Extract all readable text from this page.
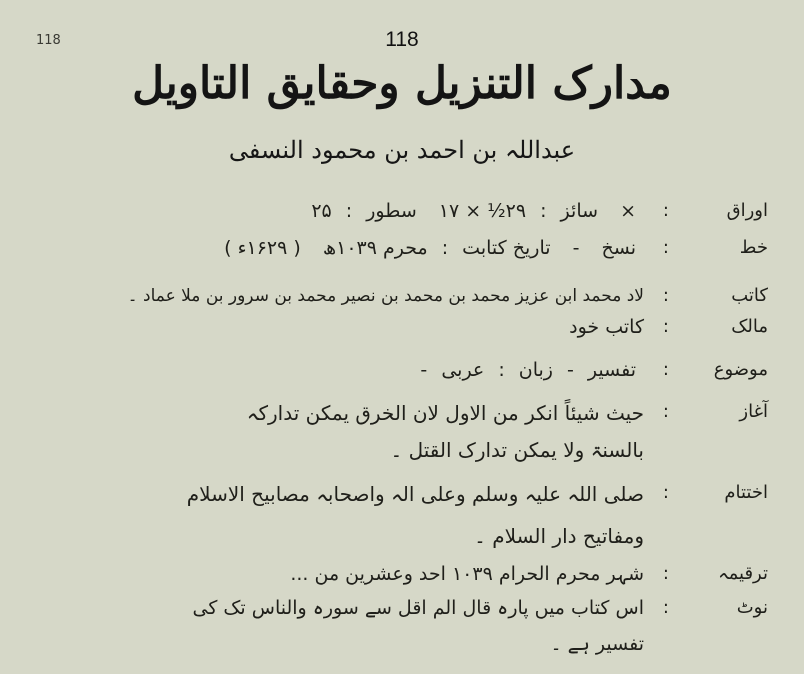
118	118
مدارک التنزیل وحقایق التاویل
عبداللہ بن احمد بن محمود النسفی
اوراق
:
× سائز : ۲۹½ × ۱۷ سطور : ۲۵
خط
:
نسخ - تاریخ کتابت : محرم ۱۰۳۹ھ ( ۱۶۲۹ء )
کاتب
:
لاد محمد ابن عزیز محمد بن محمد بن نصیر محمد بن سرور بن ملا عماد ۔
مالک
:
کاتب خود
موضوع
:
تفسیر - زبان : عربی -
آغاز
:
حیث شیئاً انکر من الاول لان الخرق یمکن تدارکہ
بالسنۃ ولا یمکن تدارک القتل ۔
اختتام
:
صلی اللہ علیہ وسلم وعلی الہ واصحابہ مصابیح الاسلام
ومفاتیح دار السلام ۔
ترقیمہ
:
شہر محرم الحرام ۱۰۳۹ احد وعشرین من ...
نوٹ
:
اس کتاب میں پارہ قال الم اقل سے سورہ والناس تک کی
تفسیر ہے ۔
